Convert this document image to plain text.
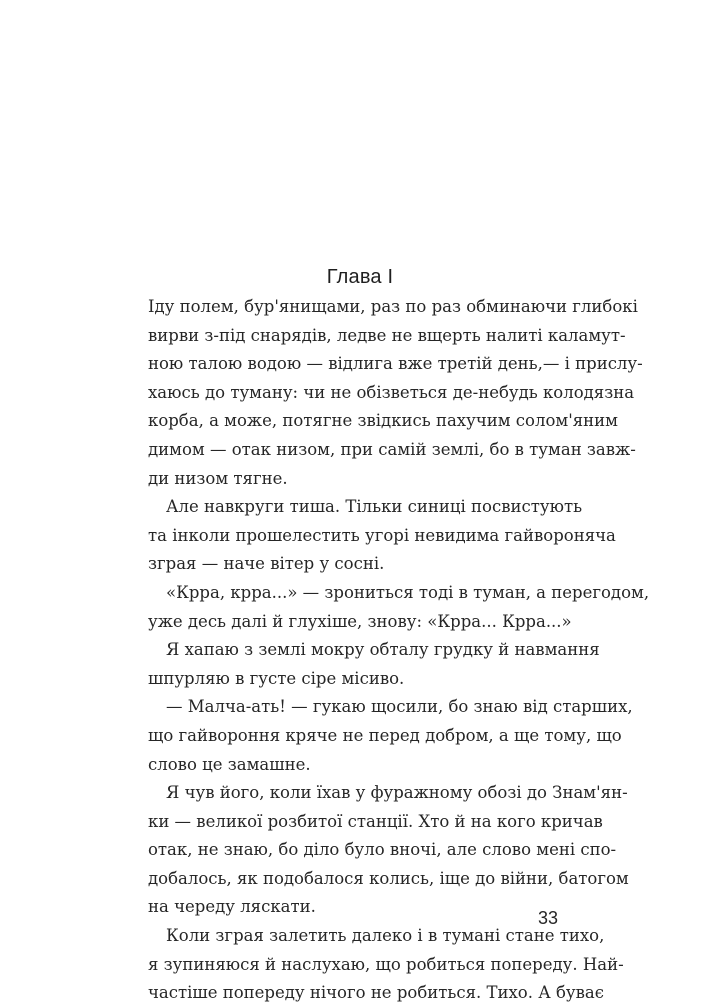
Глава I
Іду полем, бур'янищами, раз по раз обминаючи глибокі
вирви з-під снарядів, ледве не вщерть налиті каламут-
ною талою водою — відлига вже третій день,— і прислу-
хаюсь до туману: чи не обізветься де-небудь колодязна
корба, а може, потягне звідкись пахучим солом'яним
димом — отак низом, при самій землі, бо в туман завж-
ди низом тягне.
Але навкруги тиша. Тільки синиці посвистують
та інколи прошелестить угорі невидима гайвороняча
зграя — наче вітер у сосні.
«Крра, крра...» — зрониться тоді в туман, а перегодом,
уже десь далі й глухіше, знову: «Крра... Крра...»
Я хапаю з землі мокру обталу грудку й навмання
шпурляю в густе сіре місиво.
— Малча-ать! — гукаю щосили, бо знаю від старших,
що гайвороння кряче не перед добром, а ще тому, що
слово це замашне.
Я чув його, коли їхав у фуражному обозі до Знам'ян-
ки — великої розбитої станції. Хто й на кого кричав
отак, не знаю, бо діло було вночі, але слово мені спо-
добалось, як подобалося колись, іще до війни, батогом
на череду ляскати.
Коли зграя залетить далеко і в тумані стане тихо,
я зупиняюся й наслухаю, що робиться попереду. Най-
частіше попереду нічого не робиться. Тихо. А буває
33
